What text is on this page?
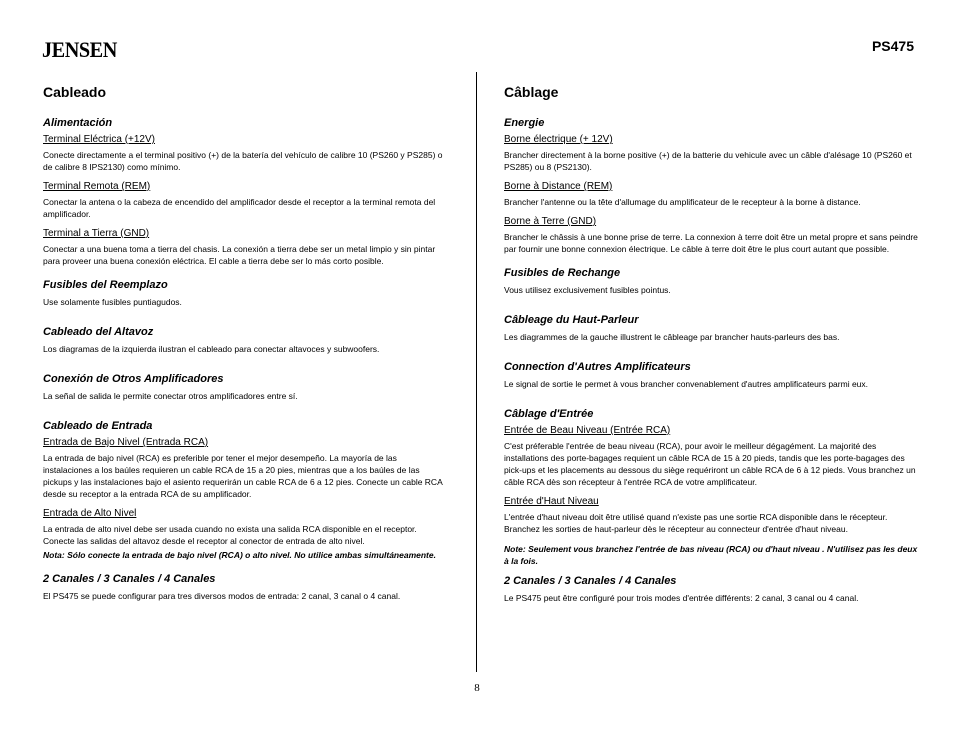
JENSEN	PS475
Cableado
Alimentación
Terminal Eléctrica (+12V)
Conecte directamente a el terminal positivo (+) de la batería del vehículo de calibre 10 (PS260 y PS285) o de calibre 8 IPS2130) como mínimo.
Terminal Remota (REM)
Conectar la antena o la cabeza de encendido del amplificador desde el receptor a la terminal remota del amplificador.
Terminal a Tierra (GND)
Conectar a una buena toma a tierra del chasis. La conexión a tierra debe ser un metal limpio y sin pintar para proveer una buena conexión eléctrica. El cable a tierra debe ser lo más corto posible.
Fusibles del Reemplazo
Use solamente fusibles puntiagudos.
Cableado del Altavoz
Los diagramas de la izquierda ilustran el cableado para conectar altavoces y subwoofers.
Conexión de Otros Amplificadores
La señal de salida le permite conectar otros amplificadores entre sí.
Cableado de Entrada
Entrada de Bajo Nivel (Entrada RCA)
La entrada de bajo nivel (RCA) es preferible por tener el mejor desempeño. La mayoría de las instalaciones a los baúles requieren un cable RCA de 15 a 20 pies, mientras que a los baúles de las pickups y las instalaciones bajo el asiento requerirán un cable RCA de 6 a 12 pies. Conecte un cable RCA desde su receptor a la entrada RCA de su amplificador.
Entrada de Alto Nivel
La entrada de alto nivel debe ser usada cuando no exista una salida RCA disponible en el receptor. Conecte las salidas del altavoz desde el receptor al conector de entrada de alto nivel.
Nota: Sólo conecte la entrada de bajo nivel (RCA) o alto nivel. No utilice ambas simultáneamente.
2 Canales / 3 Canales / 4 Canales
El PS475 se puede configurar para tres diversos modos de entrada: 2 canal, 3 canal o 4 canal.
Câblage
Energie
Borne électrique (+ 12V)
Brancher directement à la borne positive (+) de la batterie du vehicule avec un câble d'alésage 10 (PS260 et PS285) ou 8 (PS2130).
Borne à Distance (REM)
Brancher l'antenne ou la tête d'allumage du amplificateur de le recepteur à la borne à distance.
Borne à Terre (GND)
Brancher le châssis à une bonne prise de terre. La connexion à terre doit être un metal propre et sans peindre par fournir une bonne connexion électrique. Le câble à terre doit être le plus court autant que possible.
Fusibles de Rechange
Vous utilisez exclusivement fusibles pointus.
Câbleage du Haut-Parleur
Les diagrammes de la gauche illustrent le câbleage par brancher hauts-parleurs des bas.
Connection d'Autres Amplificateurs
Le signal de sortie le permet à vous brancher convenablement d'autres amplificateurs parmi eux.
Câblage d'Entrée
Entrée de Beau Niveau (Entrée RCA)
C'est préferable l'entrée de beau niveau (RCA), pour avoir le meilleur dégagément. La majorité des installations des porte-bagages requient un câble RCA de 15 à 20 pieds, tandis que les porte-bagages des pick-ups et les placements au dessous du siège requériront un câble RCA de 6 à 12 pieds. Vous branchez un câble RCA dès son récepteur à l'entrée RCA de votre amplificateur.
Entrée d'Haut Niveau
L'entrée d'haut niveau doit être utilisé quand n'existe pas une sortie RCA disponible dans le récepteur. Branchez les sorties de haut-parleur dès le récepteur au connecteur d'entrée d'haut niveau.
Note: Seulement vous branchez l'entrée de bas niveau (RCA) ou d'haut niveau . N'utilisez pas les deux à la fois.
2 Canales / 3 Canales / 4 Canales
Le PS475 peut être configuré pour trois modes d'entrée différents: 2 canal, 3 canal ou 4 canal.
8
